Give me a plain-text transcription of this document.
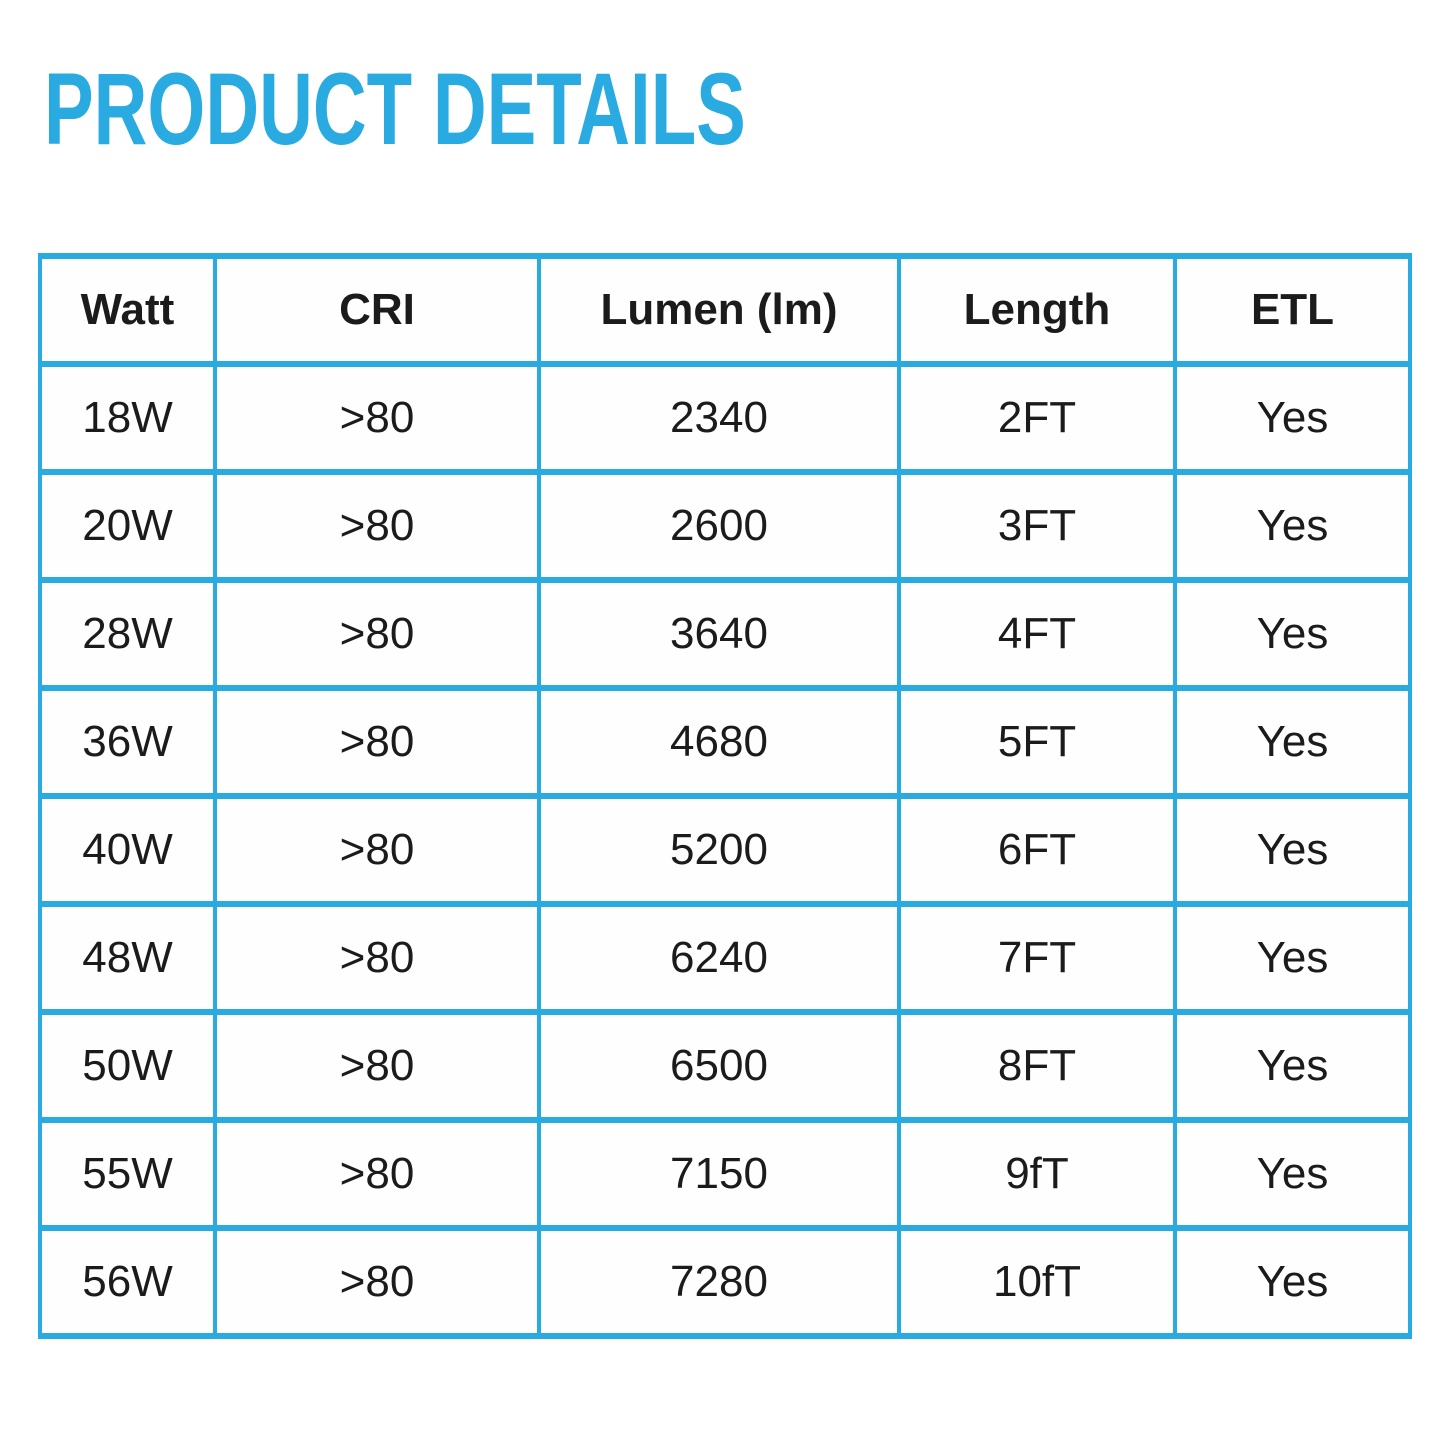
PRODUCT DETAILS
Watt	CRI	Lumen (lm)	Length	ETL
18W	>80	2340	2FT	Yes
20W	>80	2600	3FT	Yes
28W	>80	3640	4FT	Yes
36W	>80	4680	5FT	Yes
40W	>80	5200	6FT	Yes
48W	>80	6240	7FT	Yes
50W	>80	6500	8FT	Yes
55W	>80	7150	9fT	Yes
56W	>80	7280	10fT	Yes
